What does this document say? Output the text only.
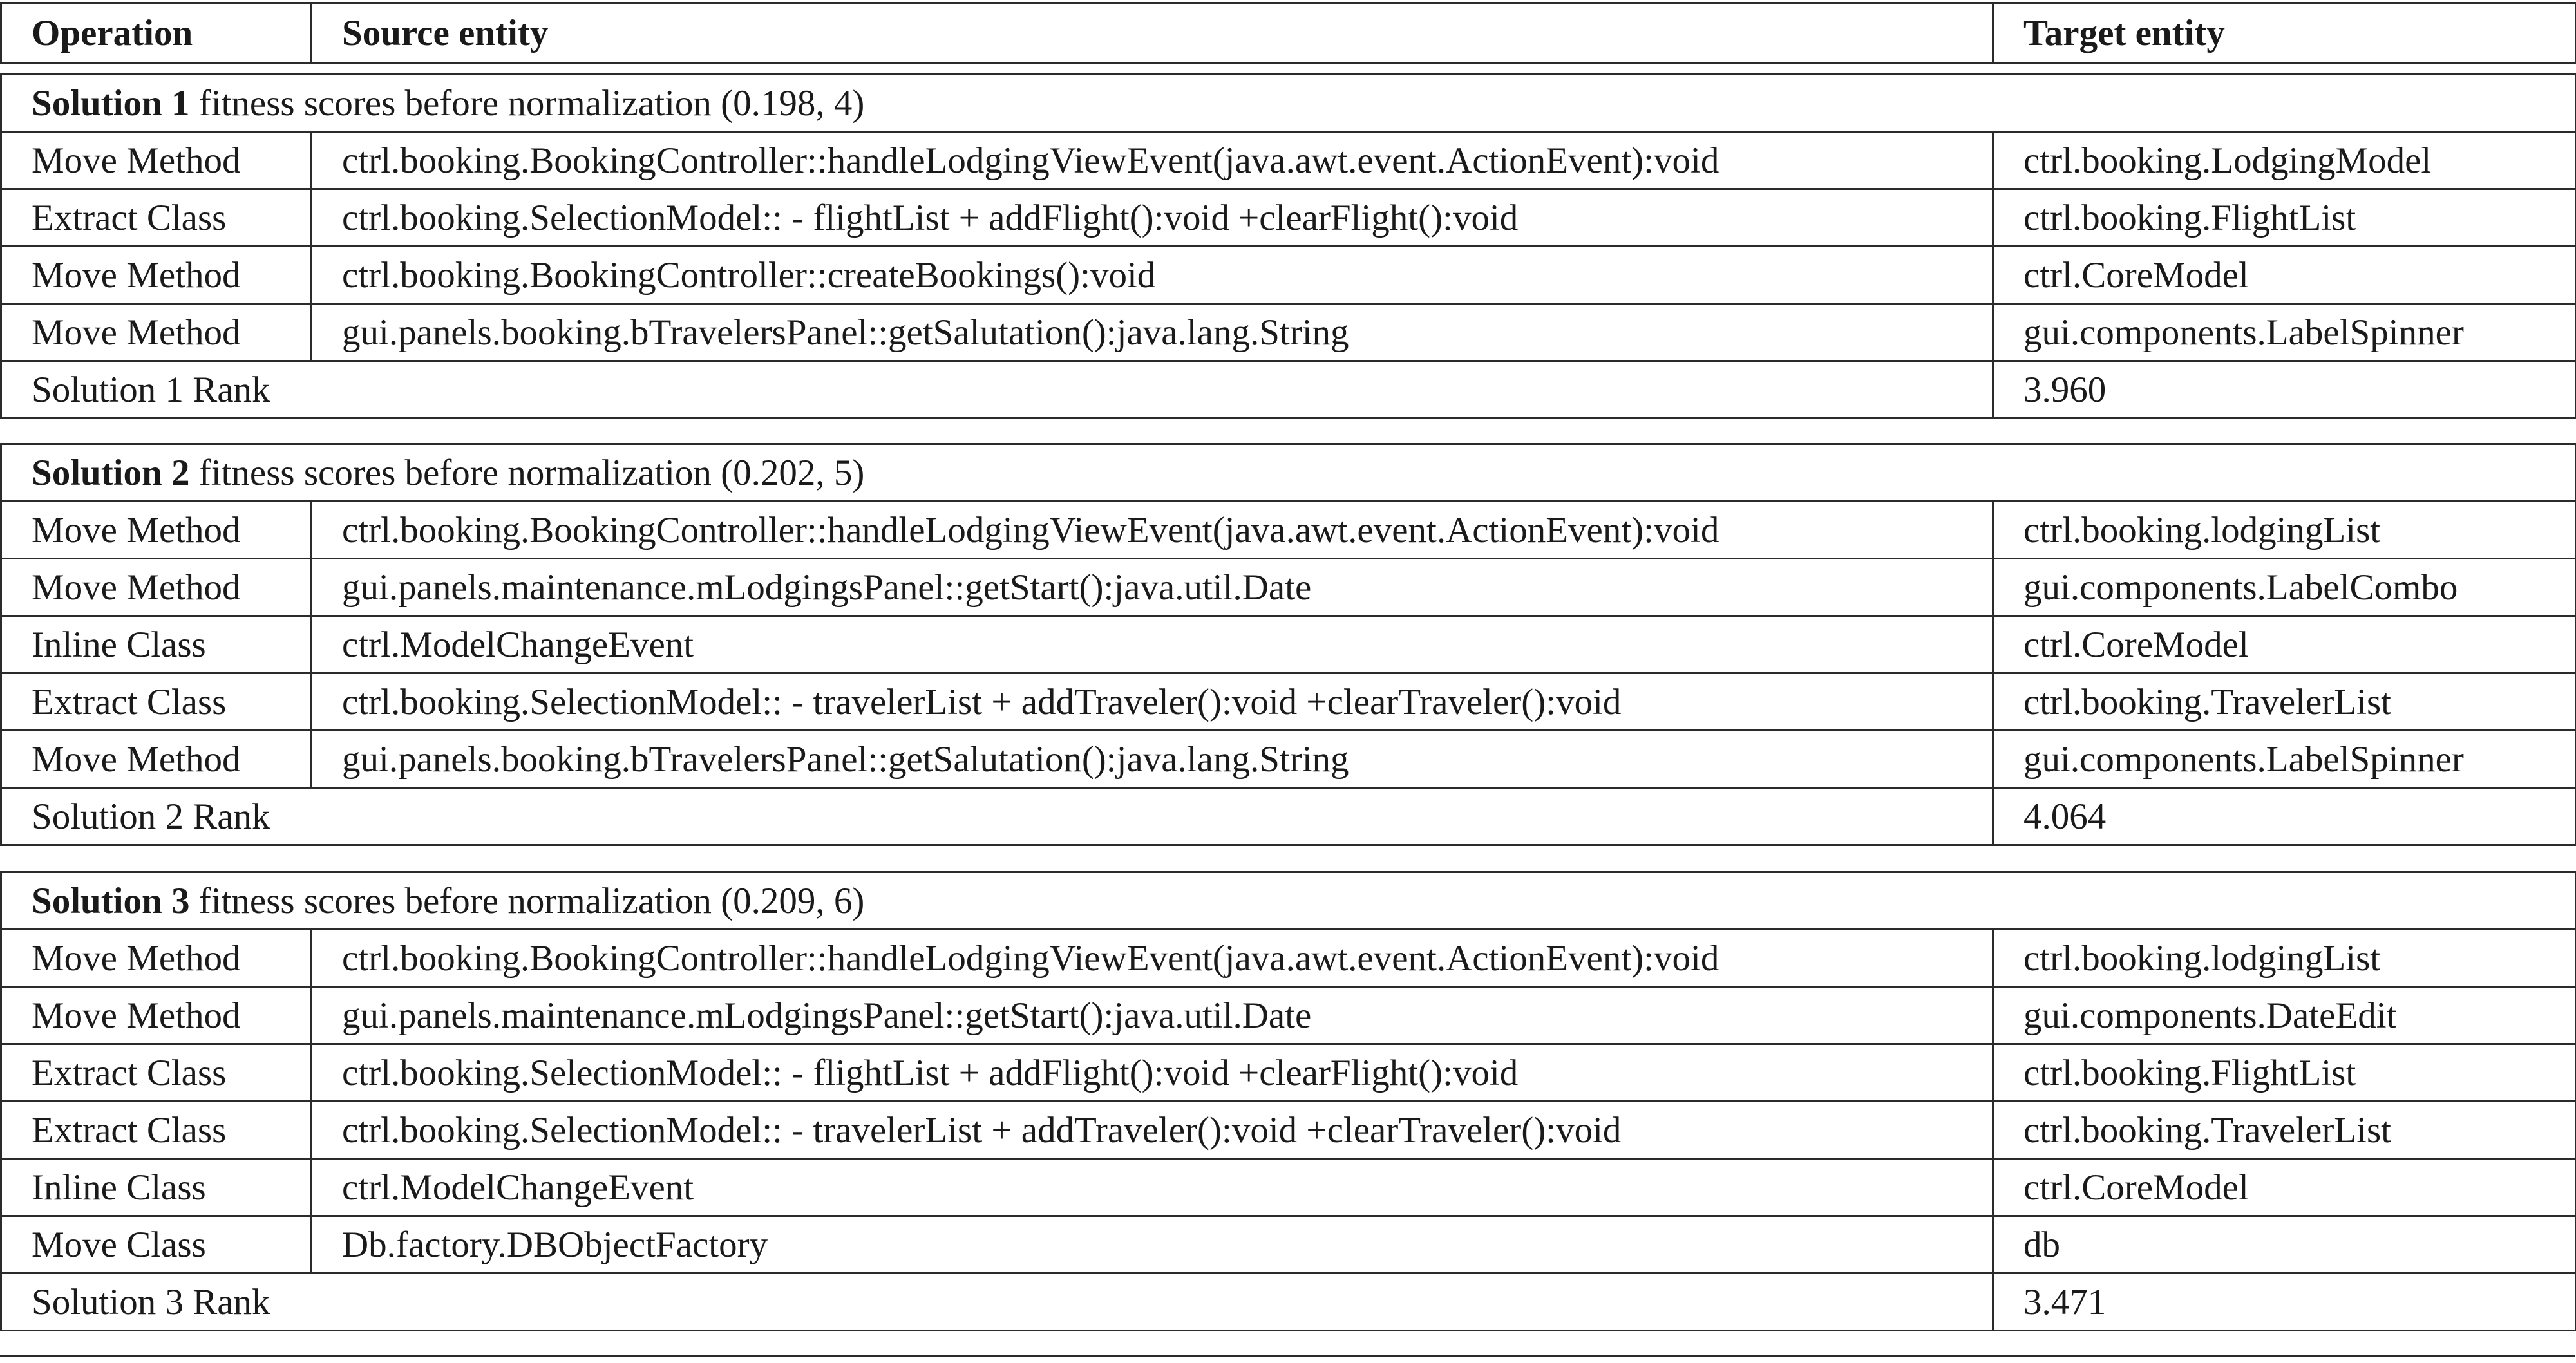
Operation	Source entity	Target entity
Solution 1 fitness scores before normalization (0.198, 4)		
Move Method	ctrl.booking.BookingController::handleLodgingViewEvent(java.awt.event.ActionEvent):void	ctrl.booking.LodgingModel
Extract Class	ctrl.booking.SelectionModel:: - flightList + addFlight():void +clearFlight():void	ctrl.booking.FlightList
Move Method	ctrl.booking.BookingController::createBookings():void	ctrl.CoreModel
Move Method	gui.panels.booking.bTravelersPanel::getSalutation():java.lang.String	gui.components.LabelSpinner
Solution 1 Rank		3.960
Solution 2 fitness scores before normalization (0.202, 5)		
Move Method	ctrl.booking.BookingController::handleLodgingViewEvent(java.awt.event.ActionEvent):void	ctrl.booking.lodgingList
Move Method	gui.panels.maintenance.mLodgingsPanel::getStart():java.util.Date	gui.components.LabelCombo
Inline Class	ctrl.ModelChangeEvent	ctrl.CoreModel
Extract Class	ctrl.booking.SelectionModel:: - travelerList + addTraveler():void +clearTraveler():void	ctrl.booking.TravelerList
Move Method	gui.panels.booking.bTravelersPanel::getSalutation():java.lang.String	gui.components.LabelSpinner
Solution 2 Rank		4.064
Solution 3 fitness scores before normalization (0.209, 6)		
Move Method	ctrl.booking.BookingController::handleLodgingViewEvent(java.awt.event.ActionEvent):void	ctrl.booking.lodgingList
Move Method	gui.panels.maintenance.mLodgingsPanel::getStart():java.util.Date	gui.components.DateEdit
Extract Class	ctrl.booking.SelectionModel:: - flightList + addFlight():void +clearFlight():void	ctrl.booking.FlightList
Extract Class	ctrl.booking.SelectionModel:: - travelerList + addTraveler():void +clearTraveler():void	ctrl.booking.TravelerList
Inline Class	ctrl.ModelChangeEvent	ctrl.CoreModel
Move Class	Db.factory.DBObjectFactory	db
Solution 3 Rank		3.471
